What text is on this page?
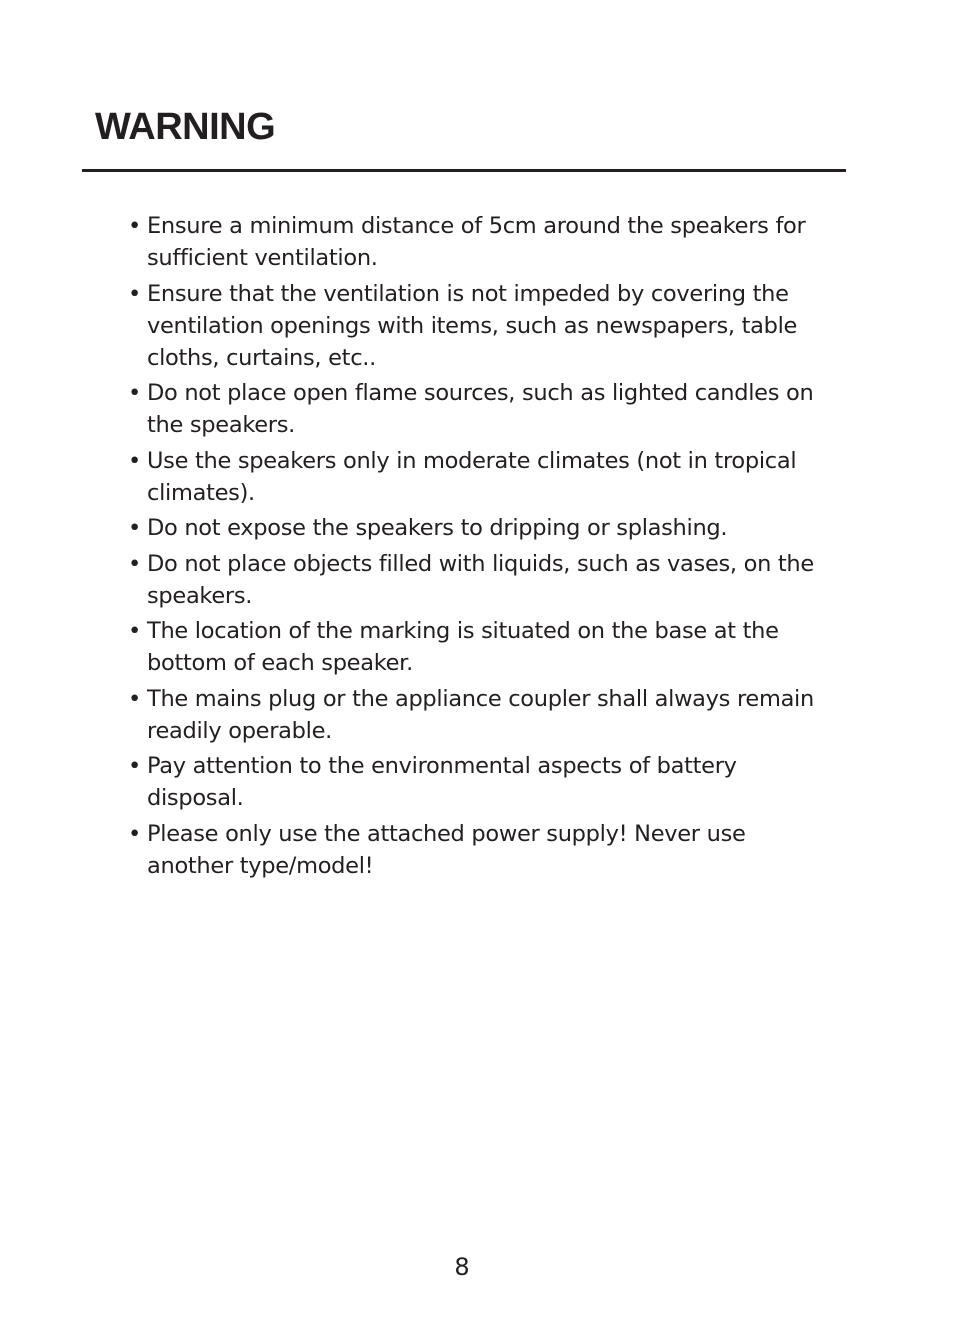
WARNING
• Ensure a minimum distance of 5cm around the speakers for sufficient ventilation.
• Ensure that the ventilation is not impeded by covering the ventilation openings with items, such as newspapers, table cloths, curtains, etc..
• Do not place open flame sources, such as lighted candles on the speakers.
• Use the speakers only in moderate climates (not in tropical climates).
• Do not expose the speakers to dripping or splashing.
• Do not place objects filled with liquids, such as vases, on the speakers.
• The location of the marking is situated on the base at the bottom of each speaker.
• The mains plug or the appliance coupler shall always remain readily operable.
• Pay attention to the environmental aspects of battery disposal.
• Please only use the attached power supply! Never use another type/model!
8
